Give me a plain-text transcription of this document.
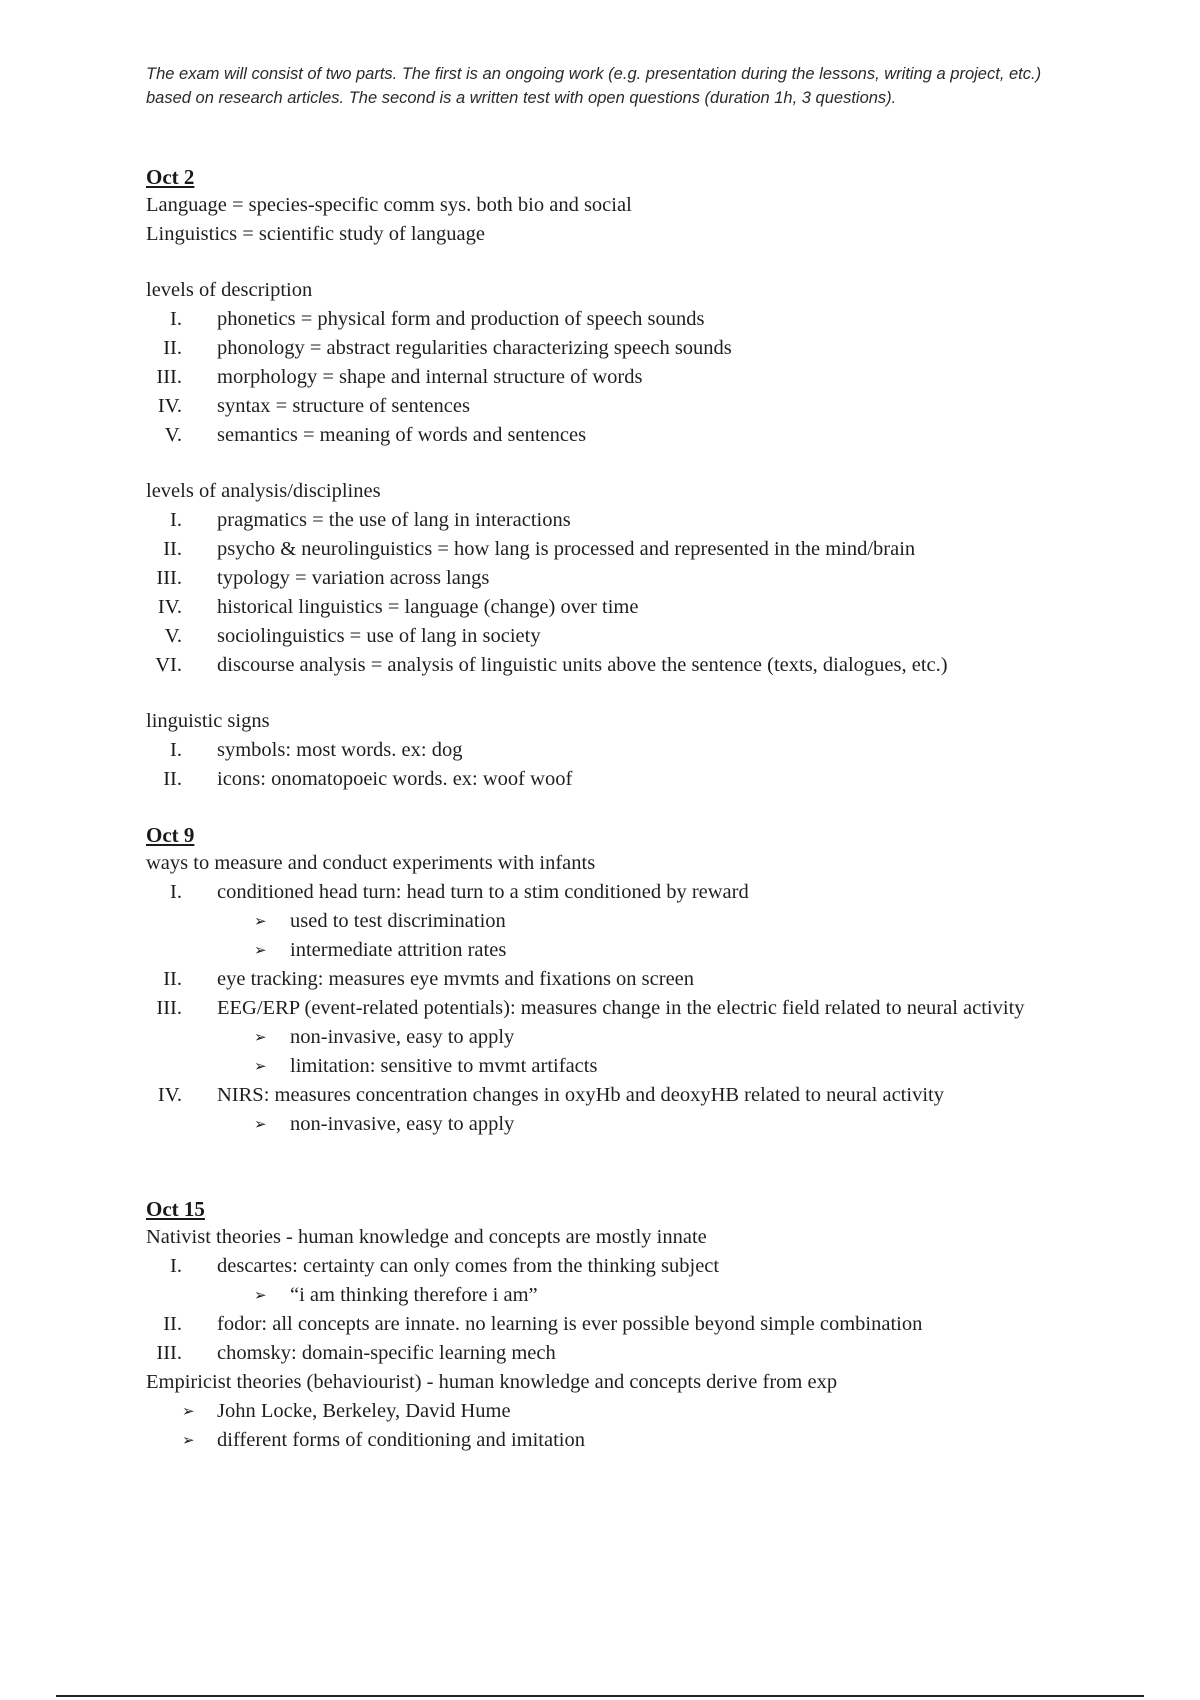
The exam will consist of two parts. The first is an ongoing work (e.g. presentation during the lessons, writing a project, etc.) based on research articles. The second is a written test with open questions (duration 1h, 3 questions).

Oct 2

Language = species-specific comm sys. both bio and social

Linguistics = scientific study of language

levels of description

I. phonetics = physical form and production of speech sounds
II. phonology = abstract regularities characterizing speech sounds
III. morphology = shape and internal structure of words
IV. syntax = structure of sentences
V. semantics = meaning of words and sentences

levels of analysis/disciplines

I. pragmatics = the use of lang in interactions
II. psycho & neurolinguistics = how lang is processed and represented in the mind/brain
III. typology = variation across langs
IV. historical linguistics = language (change) over time
V. sociolinguistics = use of lang in society
VI. discourse analysis = analysis of linguistic units above the sentence (texts, dialogues, etc.)

linguistic signs

I. symbols: most words. ex: dog
II. icons: onomatopoeic words. ex: woof woof

Oct 9

ways to measure and conduct experiments with infants

I. conditioned head turn: head turn to a stim conditioned by reward
➢ used to test discrimination
➢ intermediate attrition rates
II. eye tracking: measures eye mvmts and fixations on screen
III. EEG/ERP (event-related potentials): measures change in the electric field related to neural activity
➢ non-invasive, easy to apply
➢ limitation: sensitive to mvmt artifacts
IV. NIRS: measures concentration changes in oxyHb and deoxyHB related to neural activity
➢ non-invasive, easy to apply

Oct 15

Nativist theories - human knowledge and concepts are mostly innate

I. descartes: certainty can only comes from the thinking subject
➢ “i am thinking therefore i am”
II. fodor: all concepts are innate. no learning is ever possible beyond simple combination
III. chomsky: domain-specific learning mech

Empiricist theories (behaviourist) - human knowledge and concepts derive from exp

➢ John Locke, Berkeley, David Hume
➢ different forms of conditioning and imitation
